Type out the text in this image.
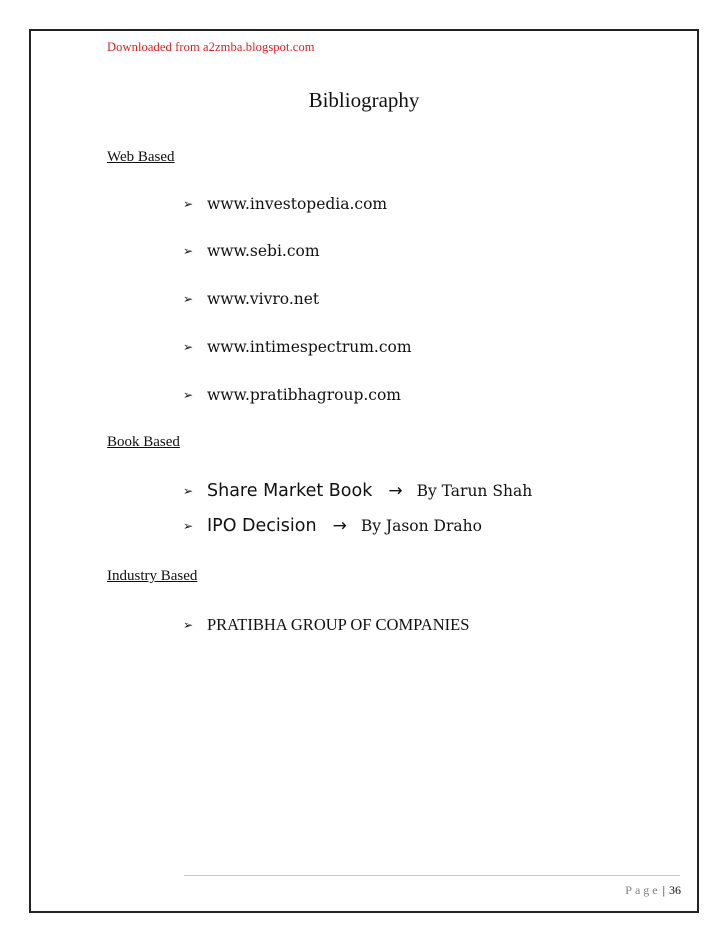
Downloaded from a2zmba.blogspot.com
Bibliography
Web Based
➢ www.investopedia.com
➢ www.sebi.com
➢ www.vivro.net
➢ www.intimespectrum.com
➢ www.pratibhagroup.com
Book Based
➢ Share Market Book → By Tarun Shah
➢ IPO Decision → By Jason Draho
Industry Based
➢ PRATIBHA GROUP OF COMPANIES
Page | 36
